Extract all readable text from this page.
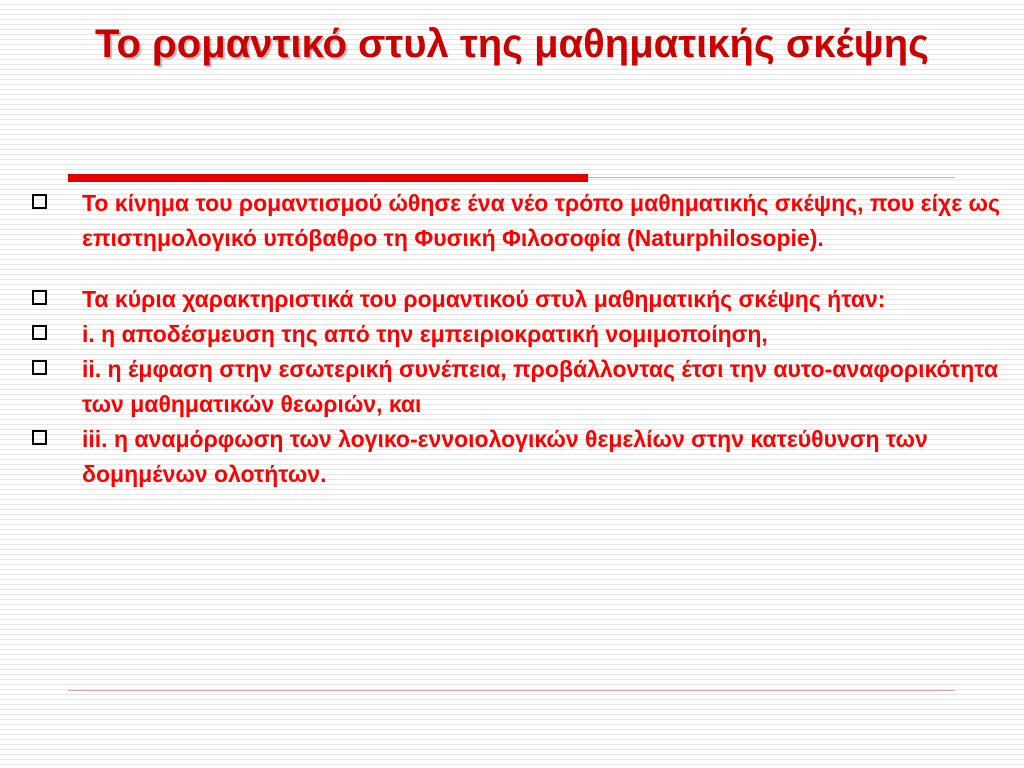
Το ρομαντικό στυλ της μαθηματικής σκέψης
Το κίνημα του ρομαντισμού ώθησε ένα νέο τρόπο μαθηματικής σκέψης, που είχε ως επιστημολογικό υπόβαθρο τη Φυσική Φιλοσοφία (Naturphilosopie).
Τα κύρια χαρακτηριστικά του ρομαντικού στυλ μαθηματικής σκέψης ήταν:
i. η αποδέσμευση της από την εμπειριοκρατική νομιμοποίηση,
ii. η έμφαση στην εσωτερική συνέπεια, προβάλλοντας έτσι την αυτο-αναφορικότητα των μαθηματικών θεωριών, και
iii. η αναμόρφωση των λογικο-εννοιολογικών θεμελίων στην κατεύθυνση των δομημένων ολοτήτων.
